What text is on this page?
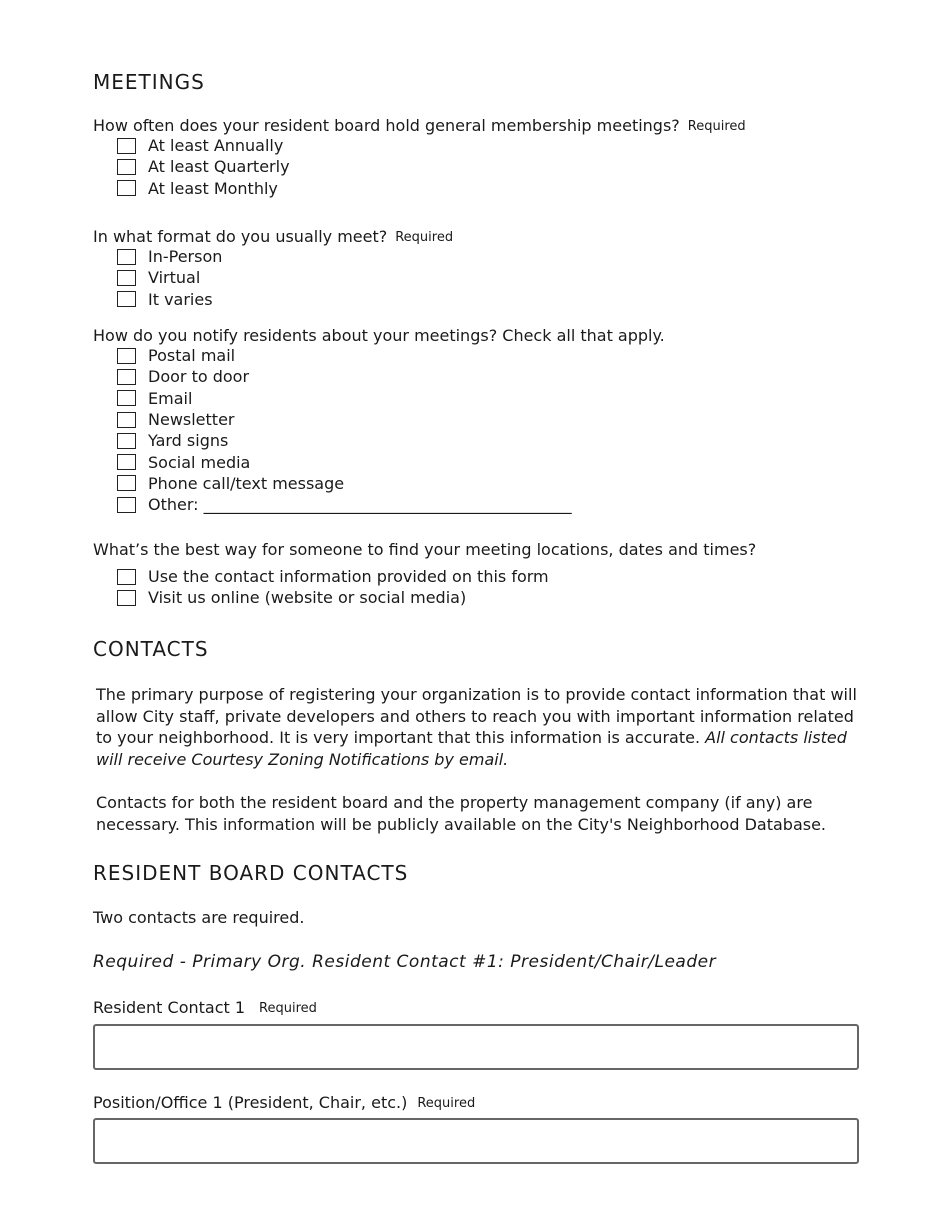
MEETINGS
How often does your resident board hold general membership meetings? Required
At least Annually
At least Quarterly
At least Monthly
In what format do you usually meet? Required
In-Person
Virtual
It varies
How do you notify residents about your meetings? Check all that apply.
Postal mail
Door to door
Email
Newsletter
Yard signs
Social media
Phone call/text message
Other: ______________________________________________
What’s the best way for someone to find your meeting locations, dates and times?
Use the contact information provided on this form
Visit us online (website or social media)
CONTACTS
The primary purpose of registering your organization is to provide contact information that will allow City staff, private developers and others to reach you with important information related to your neighborhood. It is very important that this information is accurate. All contacts listed will receive Courtesy Zoning Notifications by email.
Contacts for both the resident board and the property management company (if any) are necessary. This information will be publicly available on the City's Neighborhood Database.
RESIDENT BOARD CONTACTS
Two contacts are required.
Required - Primary Org. Resident Contact #1: President/Chair/Leader
Resident Contact 1 Required
Position/Office 1 (President, Chair, etc.) Required
